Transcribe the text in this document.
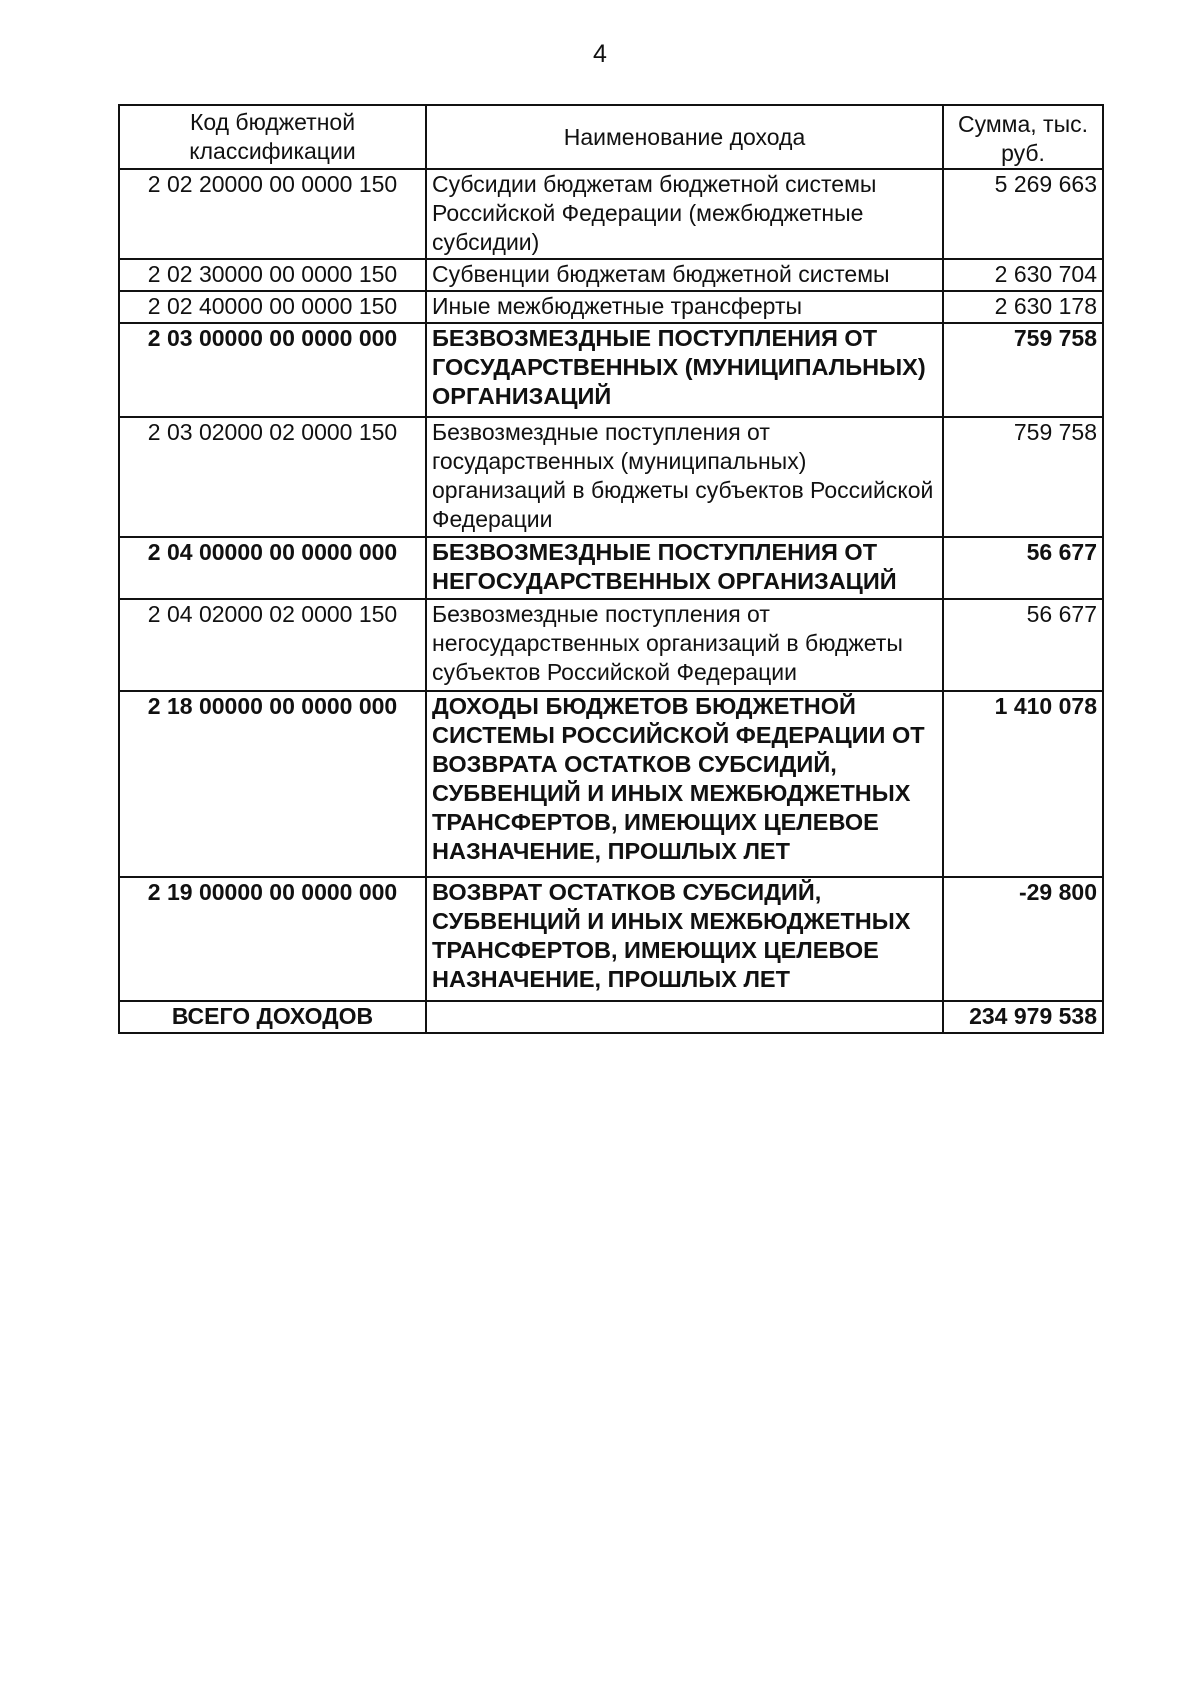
4
Код бюджетной классификации	Наименование дохода	Сумма, тыс. руб.
2 02 20000 00 0000 150	Субсидии бюджетам бюджетной системы Российской Федерации (межбюджетные субсидии)	5 269 663
2 02 30000 00 0000 150	Субвенции бюджетам бюджетной системы	2 630 704
2 02 40000 00 0000 150	Иные межбюджетные трансферты	2 630 178
2 03 00000 00 0000 000	БЕЗВОЗМЕЗДНЫЕ ПОСТУПЛЕНИЯ ОТ ГОСУДАРСТВЕННЫХ (МУНИЦИПАЛЬНЫХ) ОРГАНИЗАЦИЙ	759 758
2 03 02000 02 0000 150	Безвозмездные поступления от государственных (муниципальных) организаций в бюджеты субъектов Российской Федерации	759 758
2 04 00000 00 0000 000	БЕЗВОЗМЕЗДНЫЕ ПОСТУПЛЕНИЯ ОТ НЕГОСУДАРСТВЕННЫХ ОРГАНИЗАЦИЙ	56 677
2 04 02000 02 0000 150	Безвозмездные поступления от негосударственных организаций в бюджеты субъектов Российской Федерации	56 677
2 18 00000 00 0000 000	ДОХОДЫ БЮДЖЕТОВ БЮДЖЕТНОЙ СИСТЕМЫ РОССИЙСКОЙ ФЕДЕРАЦИИ ОТ ВОЗВРАТА ОСТАТКОВ СУБСИДИЙ, СУБВЕНЦИЙ И ИНЫХ МЕЖБЮДЖЕТНЫХ ТРАНСФЕРТОВ, ИМЕЮЩИХ ЦЕЛЕВОЕ НАЗНАЧЕНИЕ, ПРОШЛЫХ ЛЕТ	1 410 078
2 19 00000 00 0000 000	ВОЗВРАТ ОСТАТКОВ СУБСИДИЙ, СУБВЕНЦИЙ И ИНЫХ МЕЖБЮДЖЕТНЫХ ТРАНСФЕРТОВ, ИМЕЮЩИХ ЦЕЛЕВОЕ НАЗНАЧЕНИЕ, ПРОШЛЫХ ЛЕТ	-29 800
ВСЕГО ДОХОДОВ		234 979 538
